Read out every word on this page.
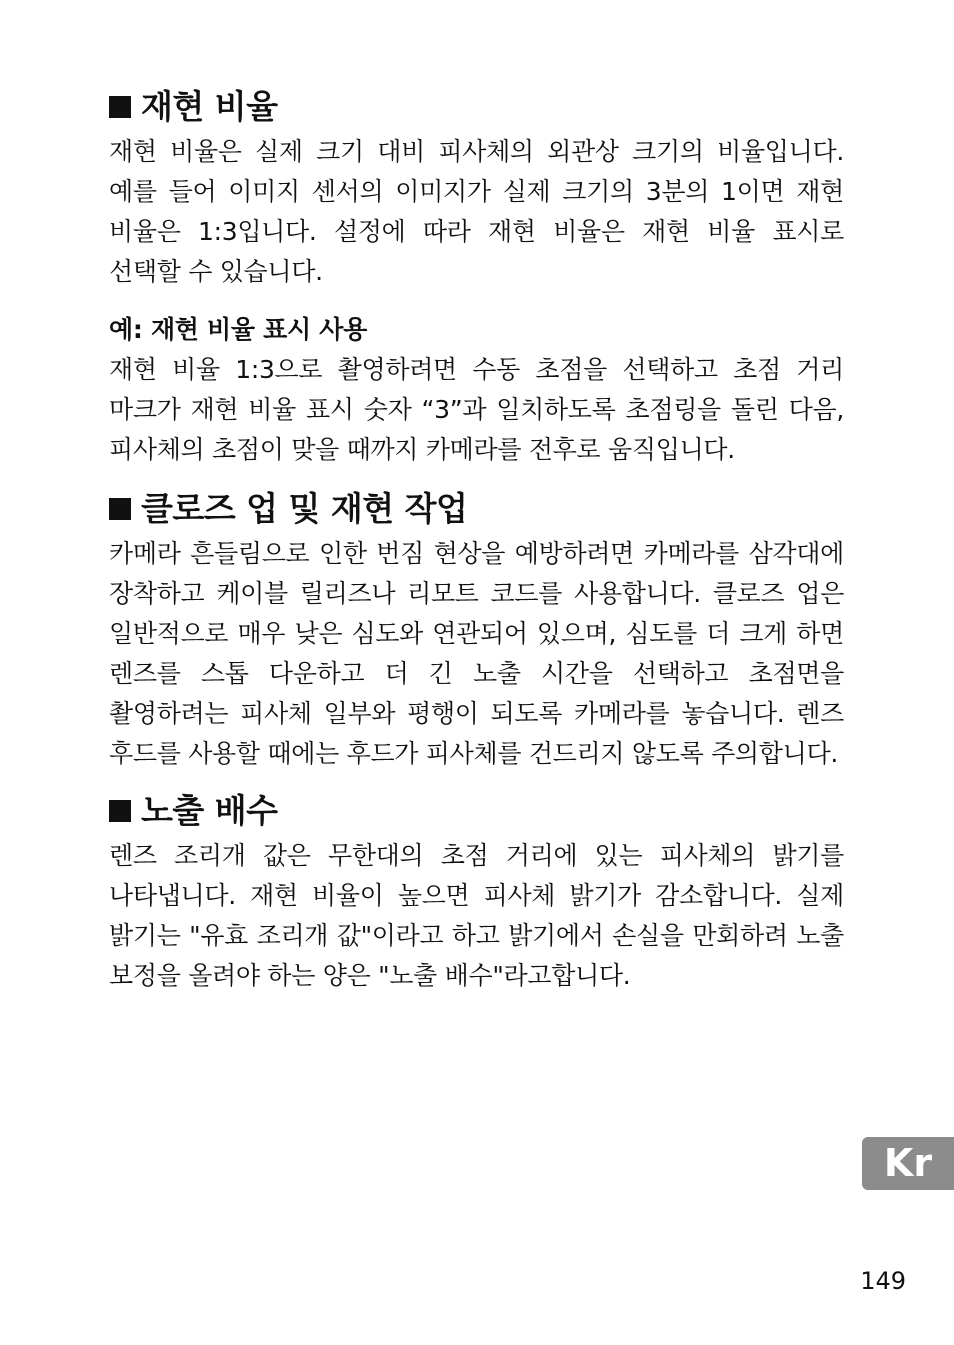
재현 비율

재현 비율은 실제 크기 대비 피사체의 외관상 크기의 비율입니다. 예를 들어 이미지 센서의 이미지가 실제 크기의 3분의 1이면 재현 비율은 1:3입니다. 설정에 따라 재현 비율은 재현 비율 표시로 선택할 수 있습니다.

예: 재현 비율 표시 사용

재현 비율 1:3으로 촬영하려면 수동 초점을 선택하고 초점 거리 마크가 재현 비율 표시 숫자 “3”과 일치하도록 초점링을 돌린 다음, 피사체의 초점이 맞을 때까지 카메라를 전후로 움직입니다.

클로즈 업 및 재현 작업

카메라 흔들림으로 인한 번짐 현상을 예방하려면 카메라를 삼각대에 장착하고 케이블 릴리즈나 리모트 코드를 사용합니다. 클로즈 업은 일반적으로 매우 낮은 심도와 연관되어 있으며, 심도를 더 크게 하면 렌즈를 스톱 다운하고 더 긴 노출 시간을 선택하고 초점면을 촬영하려는 피사체 일부와 평행이 되도록 카메라를 놓습니다. 렌즈 후드를 사용할 때에는 후드가 피사체를 건드리지 않도록 주의합니다.

노출 배수

렌즈 조리개 값은 무한대의 초점 거리에 있는 피사체의 밝기를 나타냅니다. 재현 비율이 높으면 피사체 밝기가 감소합니다. 실제 밝기는 "유효 조리개 값"이라고 하고 밝기에서 손실을 만회하려 노출 보정을 올려야 하는 양은 "노출 배수"라고합니다.

Kr
149
